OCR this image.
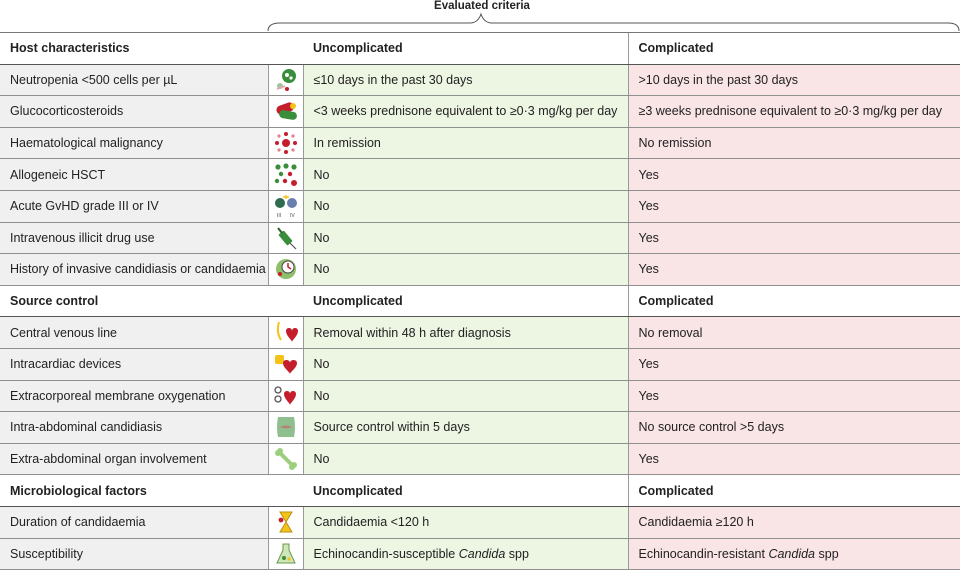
Evaluated criteria
Host characteristics		Uncomplicated	Complicated
Neutropenia <500 cells per µL		≤10 days in the past 30 days	>10 days in the past 30 days
Glucocorticosteroids		<3 weeks prednisone equivalent to ≥0·3 mg/kg per day	≥3 weeks prednisone equivalent to ≥0·3 mg/kg per day
Haematological malignancy		In remission	No remission
Allogeneic HSCT		No	Yes
Acute GvHD grade III or IV	III IV	No	Yes
Intravenous illicit drug use		No	Yes
History of invasive candidiasis or candidaemia		No	Yes
Source control		Uncomplicated	Complicated
Central venous line		Removal within 48 h after diagnosis	No removal
Intracardiac devices		No	Yes
Extracorporeal membrane oxygenation		No	Yes
Intra-abdominal candidiasis		Source control within 5 days	No source control >5 days
Extra-abdominal organ involvement		No	Yes
Microbiological factors		Uncomplicated	Complicated
Duration of candidaemia		Candidaemia <120 h	Candidaemia ≥120 h
Susceptibility		Echinocandin-susceptible Candida spp	Echinocandin-resistant Candida spp
